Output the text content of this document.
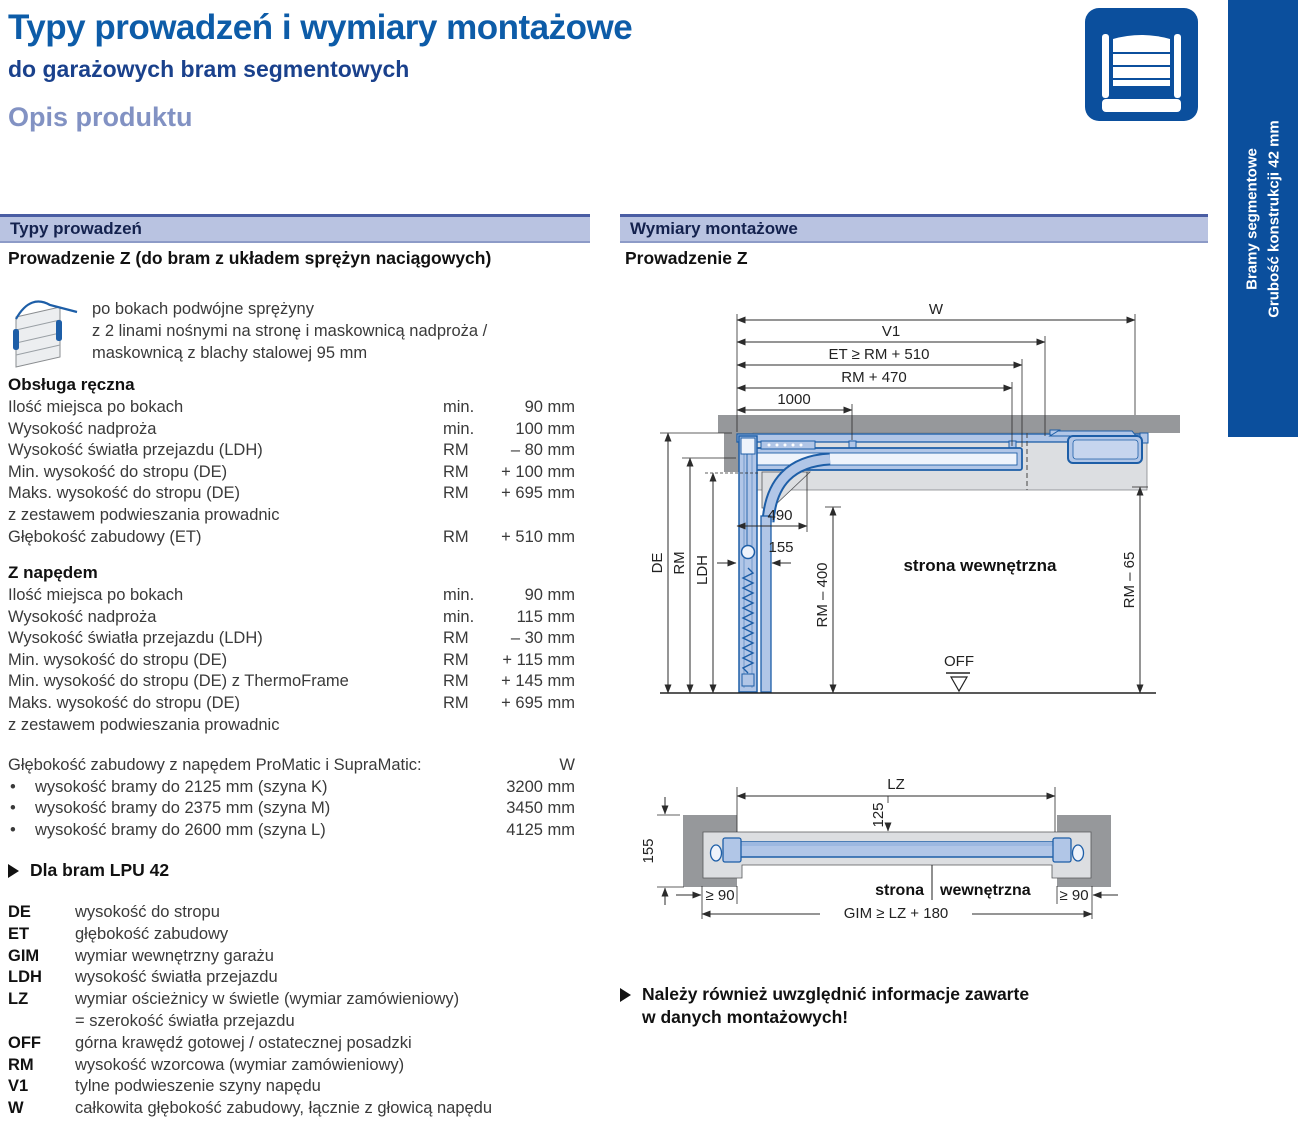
Typy prowadzeń i wymiary montażowe
do garażowych bram segmentowych
Opis produktu
Bramy segmentowe Grubość konstrukcji 42 mm
Typy prowadzeń
Prowadzenie Z (do bram z układem sprężyn naciągowych)
po bokach podwójne sprężyny
z 2 linami nośnymi na stronę i maskownicą nadproża /
maskownicą z blachy stalowej 95 mm
Obsługa ręczna
Ilość miejsca po bokach	min.	90 mm
Wysokość nadproża	min. 100 mm
Wysokość światła przejazdu (LDH)	RM	– 80 mm
Min. wysokość do stropu (DE)	RM + 100 mm
Maks. wysokość do stropu (DE)	RM + 695 mm
z zestawem podwieszania prowadnic
Głębokość zabudowy (ET)	RM + 510 mm
Z napędem
Ilość miejsca po bokach	min.	90 mm
Wysokość nadproża	min.	115 mm
Wysokość światła przejazdu (LDH)	RM	– 30 mm
Min. wysokość do stropu (DE)	RM + 115 mm
Min. wysokość do stropu (DE) z ThermoFrame	RM + 145 mm
Maks. wysokość do stropu (DE)	RM + 695 mm
z zestawem podwieszania prowadnic
Głębokość zabudowy z napędem ProMatic i SupraMatic:	W
• wysokość bramy do 2125 mm (szyna K)	3200 mm
• wysokość bramy do 2375 mm (szyna M)	3450 mm
• wysokość bramy do 2600 mm (szyna L)	4125 mm
Dla bram LPU 42
DE	wysokość do stropu
ET	głębokość zabudowy
GIM	wymiar wewnętrzny garażu
LDH	wysokość światła przejazdu
LZ	wymiar ościeżnicy w świetle (wymiar zamówieniowy)
= szerokość światła przejazdu
OFF	górna krawędź gotowej / ostatecznej posadzki
RM	wysokość wzorcowa (wymiar zamówieniowy)
V1	tylne podwieszenie szyny napędu
W	całkowita głębokość zabudowy, łącznie z głowicą napędu
Wymiary montażowe
Prowadzenie Z
W
V1
ET ≥ RM + 510
RM + 470
1000
490
155
DE RM LDH	RM – 400	RM – 65
strona wewnętrzna
OFF
LZ
125
155
≥ 90	≥ 90
GIM ≥ LZ + 180
strona wewnętrzna
Należy również uwzględnić informacje zawarte
w danych montażowych!
